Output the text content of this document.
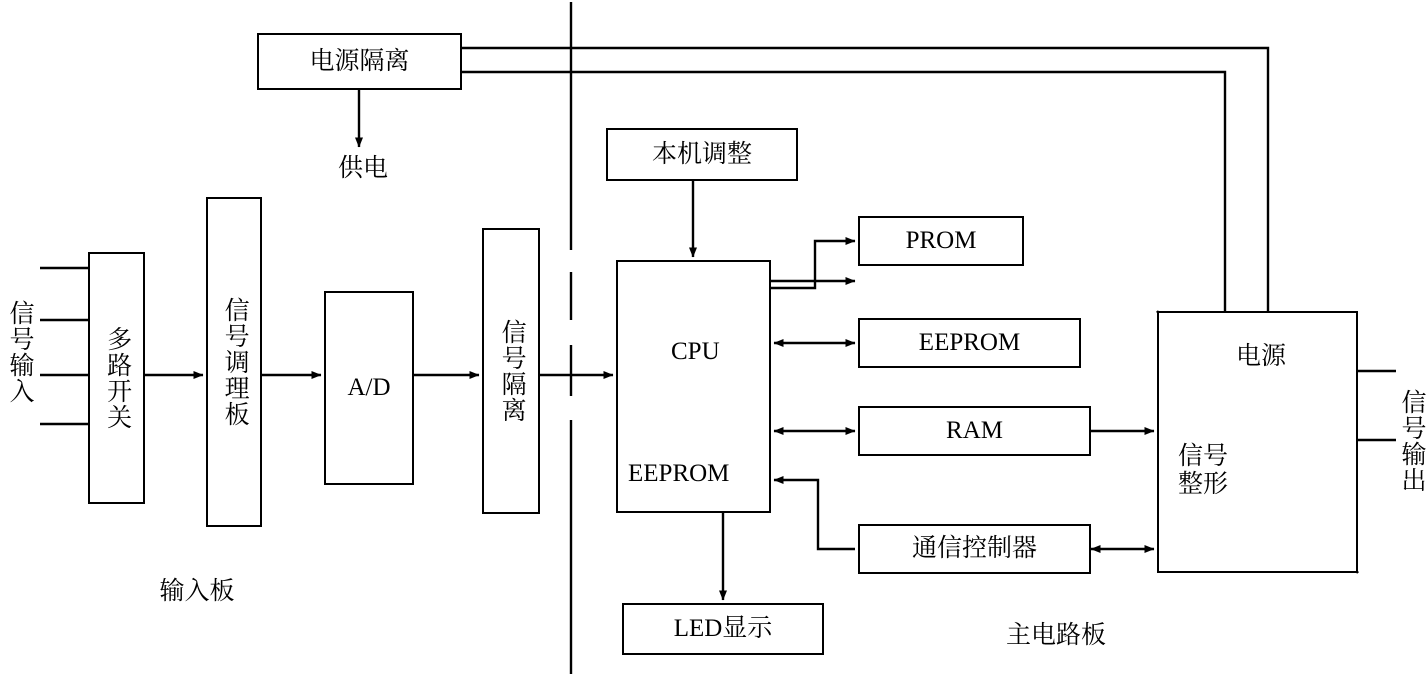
电源隔离
本机调整
PROM
EEPROM
RAM
通信控制器
LED显示
多路开关	信号调理板	A/D	信号隔离	CPU
EEPROM
电源
信号整形
供电
输入板
主电路板
信号输入
信号输出
